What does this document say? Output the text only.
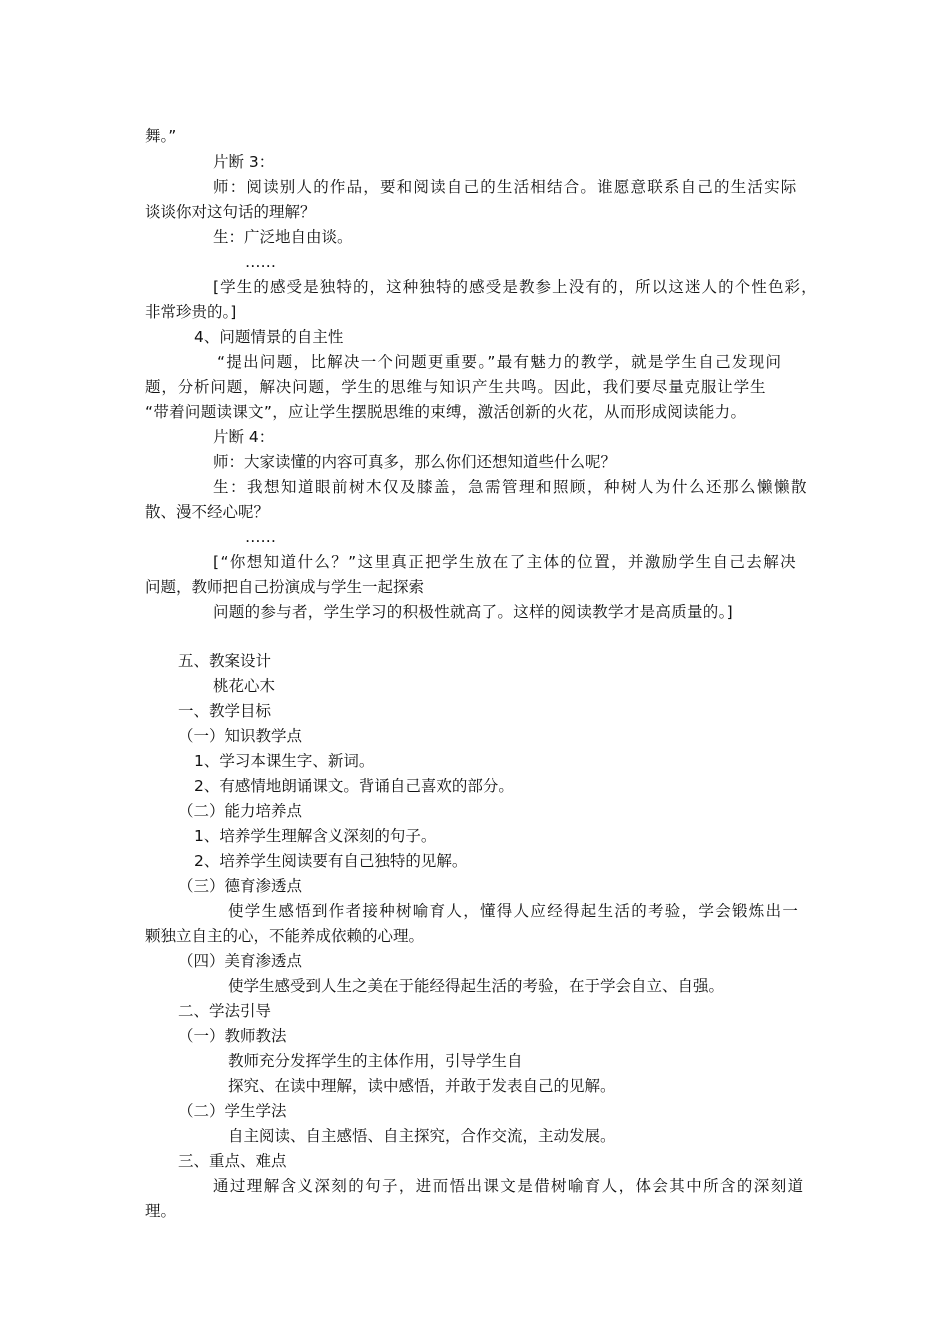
舞。”
片断 3：
师：阅读别人的作品，要和阅读自己的生活相结合。谁愿意联系自己的生活实际
谈谈你对这句话的理解？
生：广泛地自由谈。
……
[学生的感受是独特的，这种独特的感受是教参上没有的，所以这迷人的个性色彩，
非常珍贵的。]
4、问题情景的自主性
“提出问题，比解决一个问题更重要。”最有魅力的教学，就是学生自己发现问
题，分析问题，解决问题，学生的思维与知识产生共鸣。因此，我们要尽量克服让学生
“带着问题读课文”，应让学生摆脱思维的束缚，激活创新的火花，从而形成阅读能力。
片断 4：
师：大家读懂的内容可真多，那么你们还想知道些什么呢？
生：我想知道眼前树木仅及膝盖，急需管理和照顾，种树人为什么还那么懒懒散
散、漫不经心呢？
……
[“你想知道什么？”这里真正把学生放在了主体的位置，并激励学生自己去解决
问题，教师把自己扮演成与学生一起探索
问题的参与者，学生学习的积极性就高了。这样的阅读教学才是高质量的。]
五、教案设计
桃花心木
一、教学目标
（一）知识教学点
1、学习本课生字、新词。
2、有感情地朗诵课文。背诵自己喜欢的部分。
（二）能力培养点
1、培养学生理解含义深刻的句子。
2、培养学生阅读要有自己独特的见解。
（三）德育渗透点
使学生感悟到作者接种树喻育人，懂得人应经得起生活的考验，学会锻炼出一
颗独立自主的心，不能养成依赖的心理。
（四）美育渗透点
使学生感受到人生之美在于能经得起生活的考验，在于学会自立、自强。
二、学法引导
（一）教师教法
教师充分发挥学生的主体作用，引导学生自
探究、在读中理解，读中感悟，并敢于发表自己的见解。
（二）学生学法
自主阅读、自主感悟、自主探究，合作交流，主动发展。
三、重点、难点
通过理解含义深刻的句子，进而悟出课文是借树喻育人，体会其中所含的深刻道
理。
